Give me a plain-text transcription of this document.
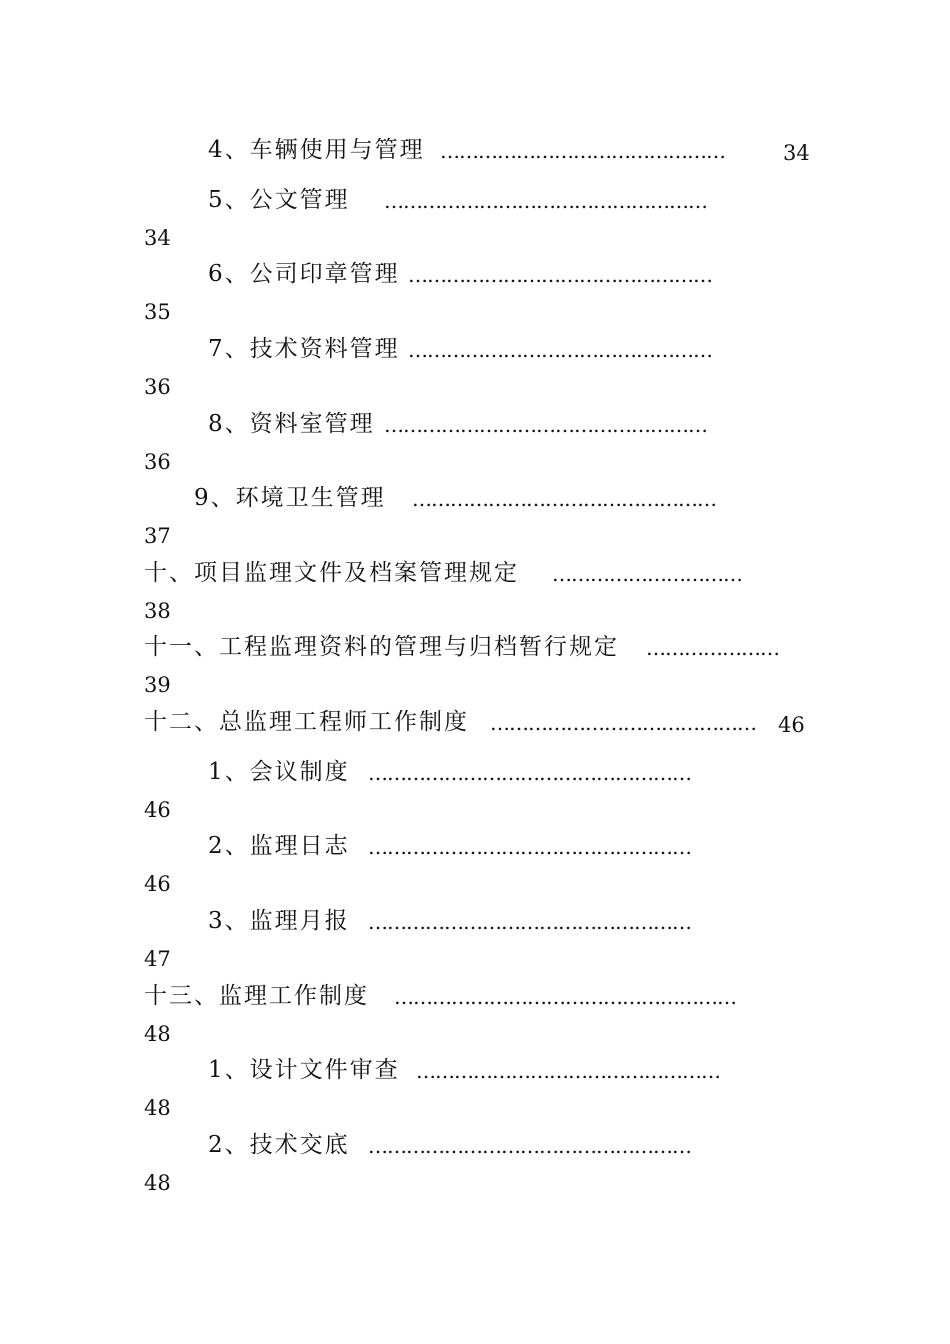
4、车辆使用与管理 ………………………………………	34
5、公文管理 ……………………………………………
34
6、公司印章管理 …………………………………………
35
7、技术资料管理 …………………………………………
36
8、资料室管理 ……………………………………………
36
9、环境卫生管理 …………………………………………
37
十、项目监理文件及档案管理规定 …………………………
38
十一、工程监理资料的管理与归档暂行规定 …………………
39
十二、总监理工程师工作制度 ……………………………………	46
1、会议制度 ……………………………………………
46
2、监理日志 ……………………………………………
46
3、监理月报 ……………………………………………
47
十三、监理工作制度 ………………………………………………
48
1、设计文件审查 …………………………………………
48
2、技术交底 ……………………………………………
48
